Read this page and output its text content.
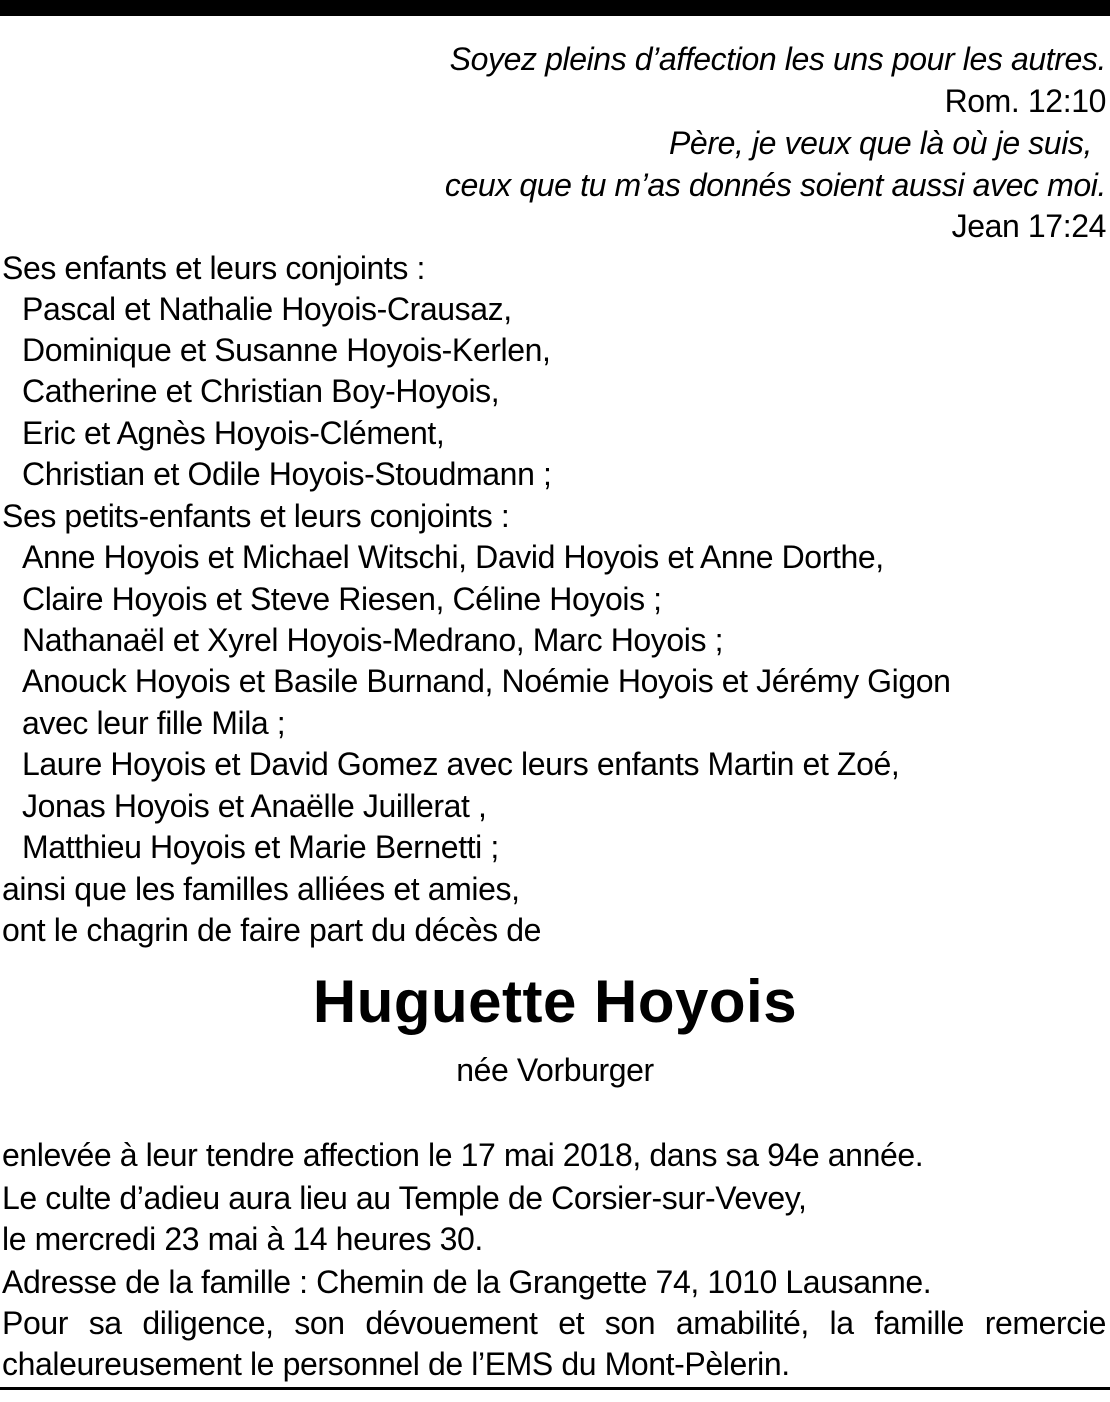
Soyez pleins d’affection les uns pour les autres.
Rom. 12:10
Père, je veux que là où je suis,
ceux que tu m’as donnés soient aussi avec moi.
Jean 17:24
Ses enfants et leurs conjoints :
Pascal et Nathalie Hoyois-Crausaz,
Dominique et Susanne Hoyois-Kerlen,
Catherine et Christian Boy-Hoyois,
Eric et Agnès Hoyois-Clément,
Christian et Odile Hoyois-Stoudmann ;
Ses petits-enfants et leurs conjoints :
Anne Hoyois et Michael Witschi, David Hoyois et Anne Dorthe,
Claire Hoyois et Steve Riesen, Céline Hoyois ;
Nathanaël et Xyrel Hoyois-Medrano, Marc Hoyois ;
Anouck Hoyois et Basile Burnand, Noémie Hoyois et Jérémy Gigon
avec leur fille Mila ;
Laure Hoyois et David Gomez avec leurs enfants Martin et Zoé,
Jonas Hoyois et Anaëlle Juillerat ,
Matthieu Hoyois et Marie Bernetti ;
ainsi que les familles alliées et amies,
ont le chagrin de faire part du décès de
Huguette Hoyois
née Vorburger
enlevée à leur tendre affection le 17 mai 2018, dans sa 94e année.
Le culte d’adieu aura lieu au Temple de Corsier-sur-Vevey,
le mercredi 23 mai à 14 heures 30.
Adresse de la famille : Chemin de la Grangette 74, 1010 Lausanne.
Pour sa diligence, son dévouement et son amabilité, la famille remercie
chaleureusement le personnel de l’EMS du Mont-Pèlerin.
